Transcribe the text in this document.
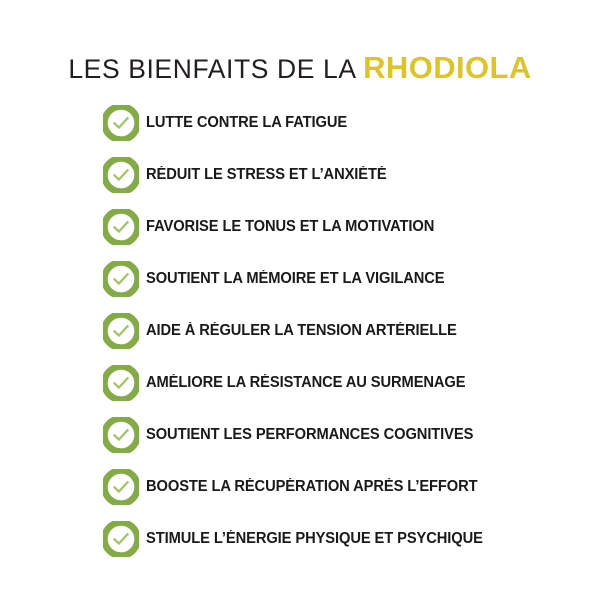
LES BIENFAITS DE LA RHODIOLA
LUTTE CONTRE LA FATIGUE
RÉDUIT LE STRESS ET L’ANXIÉTÉ
FAVORISE LE TONUS ET LA MOTIVATION
SOUTIENT LA MÉMOIRE ET LA VIGILANCE
AIDE À RÉGULER LA TENSION ARTÉRIELLE
AMÉLIORE LA RÉSISTANCE AU SURMENAGE
SOUTIENT LES PERFORMANCES COGNITIVES
BOOSTE LA RÉCUPÉRATION APRÈS L’EFFORT
STIMULE L’ÉNERGIE PHYSIQUE ET PSYCHIQUE
